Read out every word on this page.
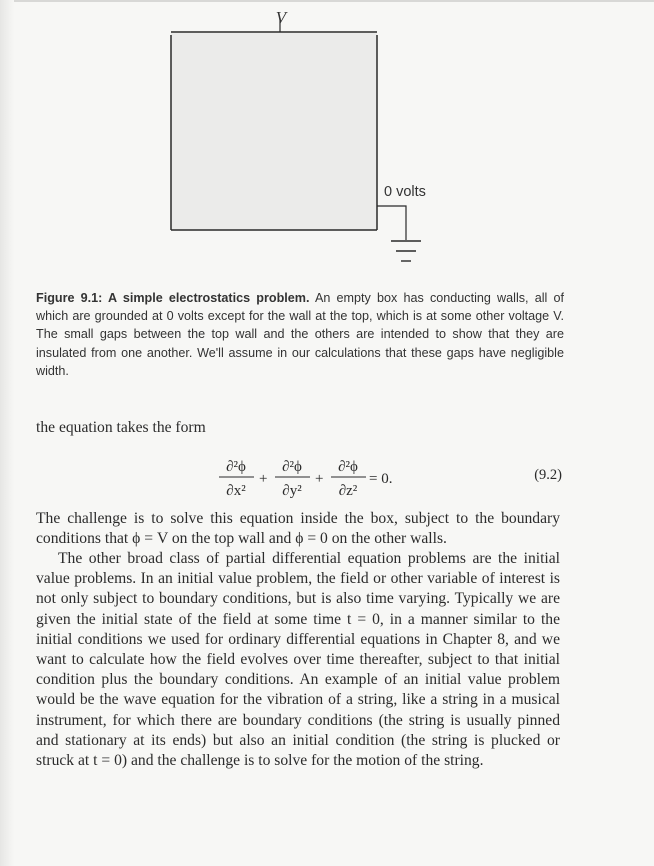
V
0 volts
Figure 9.1: A simple electrostatics problem. An empty box has conducting walls, all of which are grounded at 0 volts except for the wall at the top, which is at some other voltage V. The small gaps between the top wall and the others are intended to show that they are insulated from one another. We'll assume in our calculations that these gaps have negligible width.
the equation takes the form
∂²ϕ
∂x²
+
∂²ϕ
∂y²
+
∂²ϕ
∂z²
= 0.	(9.2)
The challenge is to solve this equation inside the box, subject to the boundary conditions that ϕ = V on the top wall and ϕ = 0 on the other walls.
The other broad class of partial differential equation problems are the initial value problems. In an initial value problem, the field or other variable of interest is not only subject to boundary conditions, but is also time varying. Typically we are given the initial state of the field at some time t = 0, in a manner similar to the initial conditions we used for ordinary differential equations in Chapter 8, and we want to calculate how the field evolves over time thereafter, subject to that initial condition plus the boundary conditions. An example of an initial value problem would be the wave equation for the vibration of a string, like a string in a musical instrument, for which there are boundary conditions (the string is usually pinned and stationary at its ends) but also an initial condition (the string is plucked or struck at t = 0) and the challenge is to solve for the motion of the string.
